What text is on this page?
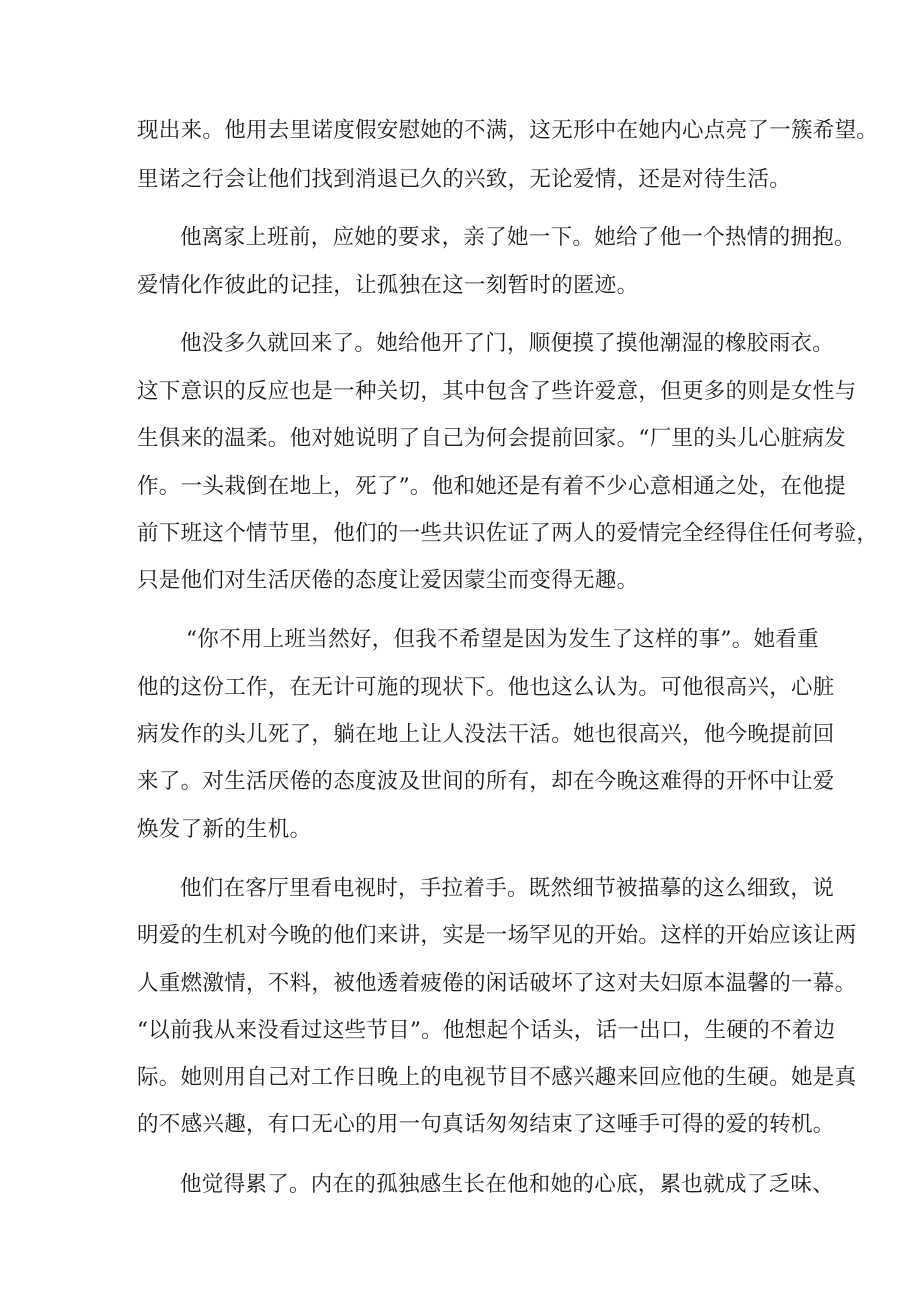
现出来。他用去里诺度假安慰她的不满，这无形中在她内心点亮了一簇希望。
里诺之行会让他们找到消退已久的兴致，无论爱情，还是对待生活。
他离家上班前，应她的要求，亲了她一下。她给了他一个热情的拥抱。
爱情化作彼此的记挂，让孤独在这一刻暂时的匿迹。
他没多久就回来了。她给他开了门，顺便摸了摸他潮湿的橡胶雨衣。
这下意识的反应也是一种关切，其中包含了些许爱意，但更多的则是女性与
生俱来的温柔。他对她说明了自己为何会提前回家。“厂里的头儿心脏病发
作。一头栽倒在地上，死了”。他和她还是有着不少心意相通之处，在他提
前下班这个情节里，他们的一些共识佐证了两人的爱情完全经得住任何考验，
只是他们对生活厌倦的态度让爱因蒙尘而变得无趣。
“你不用上班当然好，但我不希望是因为发生了这样的事”。她看重
他的这份工作，在无计可施的现状下。他也这么认为。可他很高兴，心脏
病发作的头儿死了，躺在地上让人没法干活。她也很高兴，他今晚提前回
来了。对生活厌倦的态度波及世间的所有，却在今晚这难得的开怀中让爱
焕发了新的生机。
他们在客厅里看电视时，手拉着手。既然细节被描摹的这么细致，说
明爱的生机对今晚的他们来讲，实是一场罕见的开始。这样的开始应该让两
人重燃激情，不料，被他透着疲倦的闲话破坏了这对夫妇原本温馨的一幕。
“以前我从来没看过这些节目”。他想起个话头，话一出口，生硬的不着边
际。她则用自己对工作日晚上的电视节目不感兴趣来回应他的生硬。她是真
的不感兴趣，有口无心的用一句真话匆匆结束了这唾手可得的爱的转机。
他觉得累了。内在的孤独感生长在他和她的心底，累也就成了乏味、
